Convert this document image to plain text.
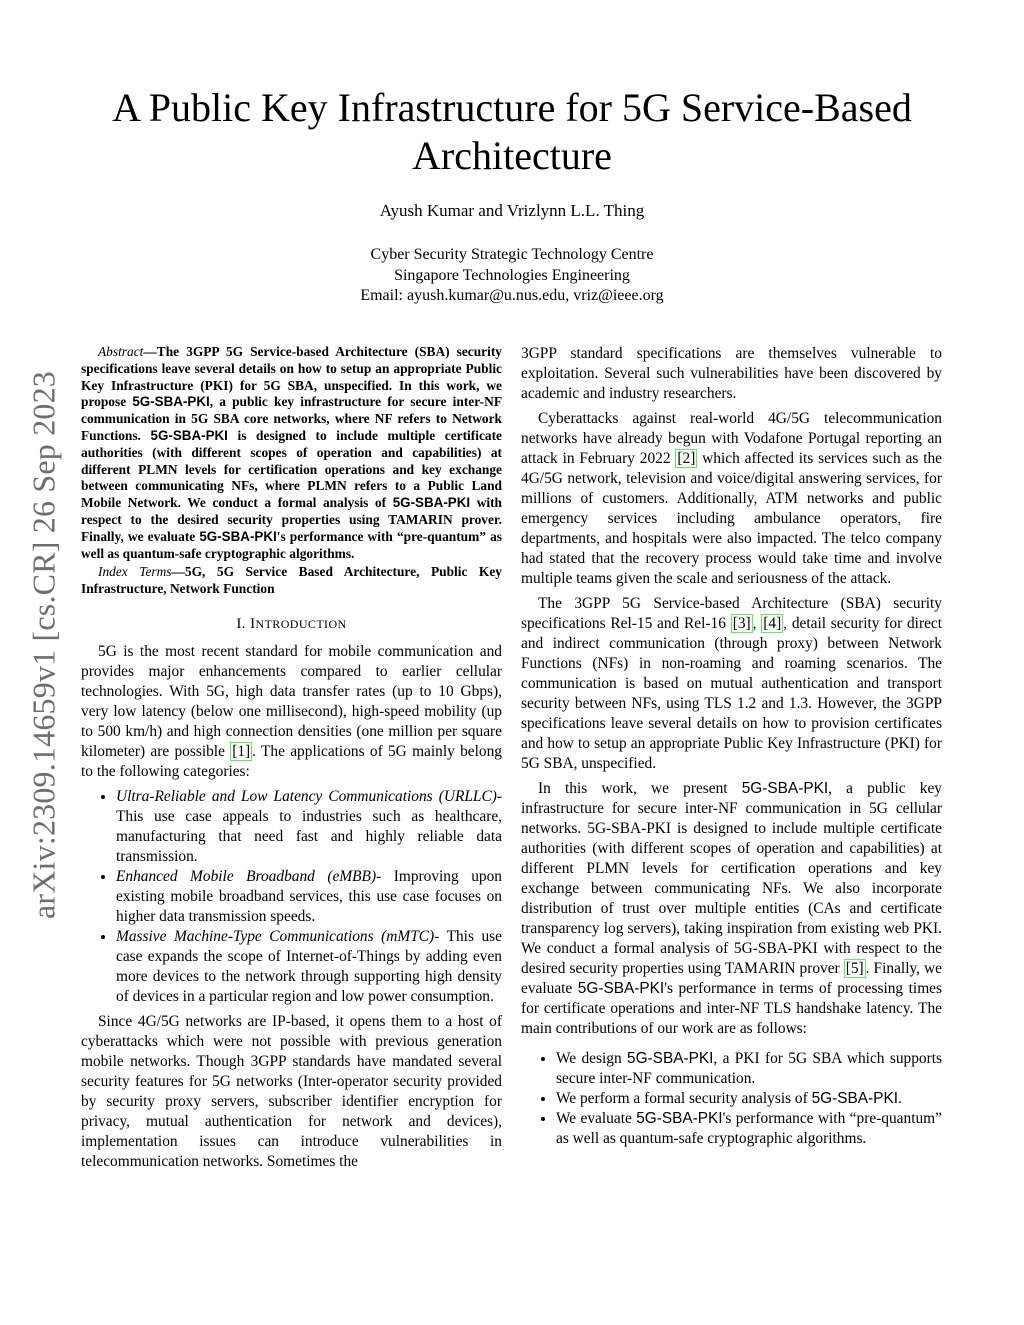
arXiv:2309.14659v1 [cs.CR] 26 Sep 2023
A Public Key Infrastructure for 5G Service-Based
Architecture
Ayush Kumar and Vrizlynn L.L. Thing
Cyber Security Strategic Technology Centre
Singapore Technologies Engineering
Email: ayush.kumar@u.nus.edu, vriz@ieee.org

Abstract—The 3GPP 5G Service-based Architecture (SBA) security specifications leave several details on how to setup an appropriate Public Key Infrastructure (PKI) for 5G SBA, unspecified. In this work, we propose 5G-SBA-PKI, a public key infrastructure for secure inter-NF communication in 5G SBA core networks, where NF refers to Network Functions. 5G-SBA-PKI is designed to include multiple certificate authorities (with different scopes of operation and capabilities) at different PLMN levels for certification operations and key exchange between communicating NFs, where PLMN refers to a Public Land Mobile Network. We conduct a formal analysis of 5G-SBA-PKI with respect to the desired security properties using TAMARIN prover. Finally, we evaluate 5G-SBA-PKI's performance with “pre-quantum” as well as quantum-safe cryptographic algorithms.

Index Terms—5G, 5G Service Based Architecture, Public Key Infrastructure, Network Function

I. INTRODUCTION

5G is the most recent standard for mobile communication and provides major enhancements compared to earlier cellular technologies. With 5G, high data transfer rates (up to 10 Gbps), very low latency (below one millisecond), high-speed mobility (up to 500 km/h) and high connection densities (one million per square kilometer) are possible [1] . The applications of 5G mainly belong to the following categories:

• Ultra-Reliable and Low Latency Communications (URLLC)- This use case appeals to industries such as healthcare, manufacturing that need fast and highly reliable data transmission.
• Enhanced Mobile Broadband (eMBB)- Improving upon existing mobile broadband services, this use case focuses on higher data transmission speeds.
• Massive Machine-Type Communications (mMTC)- This use case expands the scope of Internet-of-Things by adding even more devices to the network through supporting high density of devices in a particular region and low power consumption.

Since 4G/5G networks are IP-based, it opens them to a host of cyberattacks which were not possible with previous generation mobile networks. Though 3GPP standards have mandated several security features for 5G networks (Inter-operator security provided by security proxy servers, subscriber identifier encryption for privacy, mutual authentication for network and devices), implementation issues can introduce vulnerabilities in telecommunication networks. Sometimes the

3GPP standard specifications are themselves vulnerable to exploitation. Several such vulnerabilities have been discovered by academic and industry researchers.

Cyberattacks against real-world 4G/5G telecommunication networks have already begun with Vodafone Portugal reporting an attack in February 2022 [2] which affected its services such as the 4G/5G network, television and voice/digital answering services, for millions of customers. Additionally, ATM networks and public emergency services including ambulance operators, fire departments, and hospitals were also impacted. The telco company had stated that the recovery process would take time and involve multiple teams given the scale and seriousness of the attack.

The 3GPP 5G Service-based Architecture (SBA) security specifications Rel-15 and Rel-16 [3] , [4] , detail security for direct and indirect communication (through proxy) between Network Functions (NFs) in non-roaming and roaming scenarios. The communication is based on mutual authentication and transport security between NFs, using TLS 1.2 and 1.3. However, the 3GPP specifications leave several details on how to provision certificates and how to setup an appropriate Public Key Infrastructure (PKI) for 5G SBA, unspecified.

In this work, we present 5G-SBA-PKI, a public key infrastructure for secure inter-NF communication in 5G cellular networks. 5G-SBA-PKI is designed to include multiple certificate authorities (with different scopes of operation and capabilities) at different PLMN levels for certification operations and key exchange between communicating NFs. We also incorporate distribution of trust over multiple entities (CAs and certificate transparency log servers), taking inspiration from existing web PKI. We conduct a formal analysis of 5G-SBA-PKI with respect to the desired security properties using TAMARIN prover [5] . Finally, we evaluate 5G-SBA-PKI's performance in terms of processing times for certificate operations and inter-NF TLS handshake latency. The main contributions of our work are as follows:

• We design 5G-SBA-PKI, a PKI for 5G SBA which supports secure inter-NF communication.
• We perform a formal security analysis of 5G-SBA-PKI.
• We evaluate 5G-SBA-PKI's performance with “pre-quantum” as well as quantum-safe cryptographic algorithms.
